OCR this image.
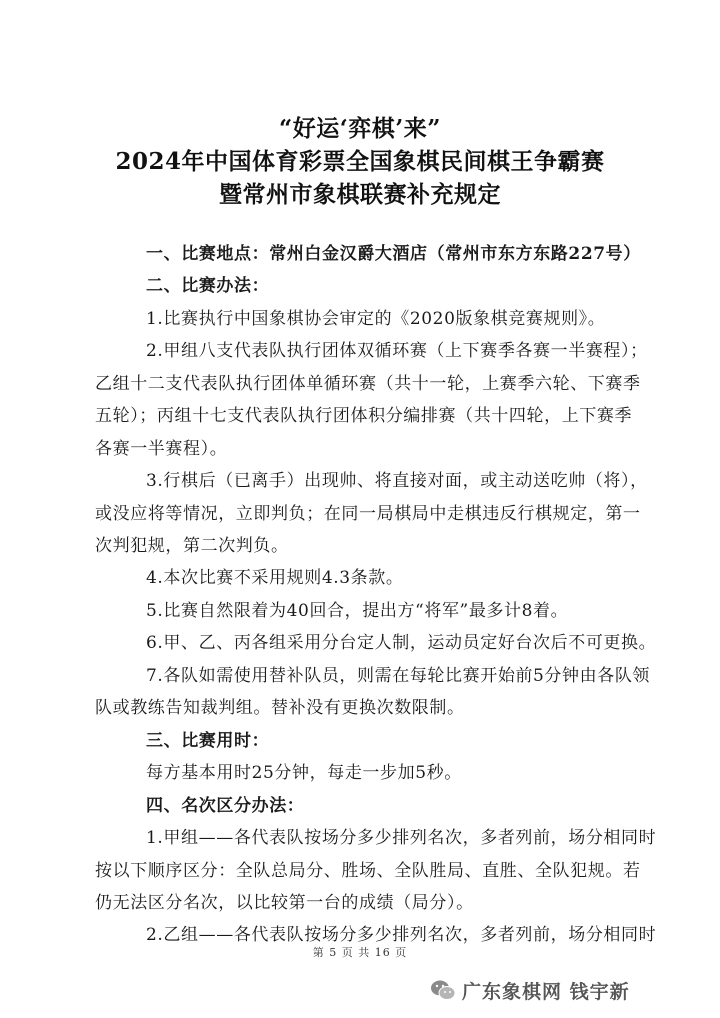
“好运‘弈棋’来”
2024年中国体育彩票全国象棋民间棋王争霸赛
暨常州市象棋联赛补充规定
一、比赛地点：常州白金汉爵大酒店（常州市东方东路227号）
二、比赛办法：
1.比赛执行中国象棋协会审定的《2020版象棋竞赛规则》。
2.甲组八支代表队执行团体双循环赛（上下赛季各赛一半赛程）；
乙组十二支代表队执行团体单循环赛（共十一轮，上赛季六轮、下赛季
五轮）；丙组十七支代表队执行团体积分编排赛（共十四轮，上下赛季
各赛一半赛程）。
3.行棋后（已离手）出现帅、将直接对面，或主动送吃帅（将），
或没应将等情况，立即判负；在同一局棋局中走棋违反行棋规定，第一
次判犯规，第二次判负。
4.本次比赛不采用规则4.3条款。
5.比赛自然限着为40回合，提出方“将军”最多计8着。
6.甲、乙、丙各组采用分台定人制，运动员定好台次后不可更换。
7.各队如需使用替补队员，则需在每轮比赛开始前5分钟由各队领
队或教练告知裁判组。替补没有更换次数限制。
三、比赛用时：
每方基本用时25分钟，每走一步加5秒。
四、名次区分办法：
1.甲组——各代表队按场分多少排列名次，多者列前，场分相同时
按以下顺序区分：全队总局分、胜场、全队胜局、直胜、全队犯规。若
仍无法区分名次，以比较第一台的成绩（局分）。
2.乙组——各代表队按场分多少排列名次，多者列前，场分相同时
第 5 页 共 16 页
广东象棋网 钱宇新
